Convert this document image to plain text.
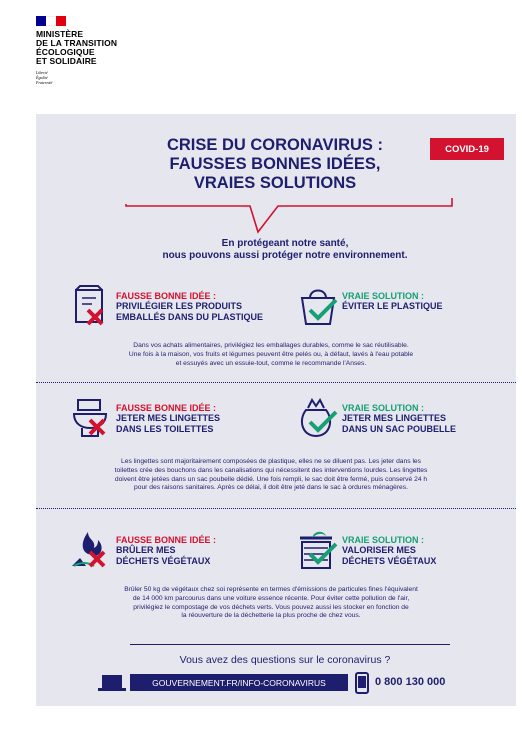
MINISTÈRE
DE LA TRANSITION
ÉCOLOGIQUE
ET SOLIDAIRE
Liberté
Égalité
Fraternité
COVID-19
CRISE DU CORONAVIRUS :
FAUSSES BONNES IDÉES,
VRAIES SOLUTIONS
En protégeant notre santé,
nous pouvons aussi protéger notre environnement.
FAUSSE BONNE IDÉE :
PRIVILÉGIER LES PRODUITS
EMBALLÉS DANS DU PLASTIQUE
VRAIE SOLUTION :
ÉVITER LE PLASTIQUE
Dans vos achats alimentaires, privilégiez les emballages durables, comme le sac réutilisable.
Une fois à la maison, vos fruits et légumes peuvent être pelés ou, à défaut, lavés à l'eau potable
et essuyés avec un essuie-tout, comme le recommande l'Anses.
FAUSSE BONNE IDÉE :
JETER MES LINGETTES
DANS LES TOILETTES
VRAIE SOLUTION :
JETER MES LINGETTES
DANS UN SAC POUBELLE
Les lingettes sont majoritairement composées de plastique, elles ne se diluent pas. Les jeter dans les
toilettes crée des bouchons dans les canalisations qui nécessitent des interventions lourdes. Les lingettes
doivent être jetées dans un sac poubelle dédié. Une fois rempli, le sac doit être fermé, puis conservé 24 h
pour des raisons sanitaires. Après ce délai, il doit être jeté dans le sac à ordures ménagères.
FAUSSE BONNE IDÉE :
BRÛLER MES
DÉCHETS VÉGÉTAUX
VRAIE SOLUTION :
VALORISER MES
DÉCHETS VÉGÉTAUX
Brûler 50 kg de végétaux chez soi représente en termes d'émissions de particules fines l'équivalent
de 14 000 km parcourus dans une voiture essence récente. Pour éviter cette pollution de l'air,
privilégiez le compostage de vos déchets verts. Vous pouvez aussi les stocker en fonction de
la réouverture de la déchetterie la plus proche de chez vous.
Vous avez des questions sur le coronavirus ?
GOUVERNEMENT.FR/INFO-CORONAVIRUS	0 800 130 000
